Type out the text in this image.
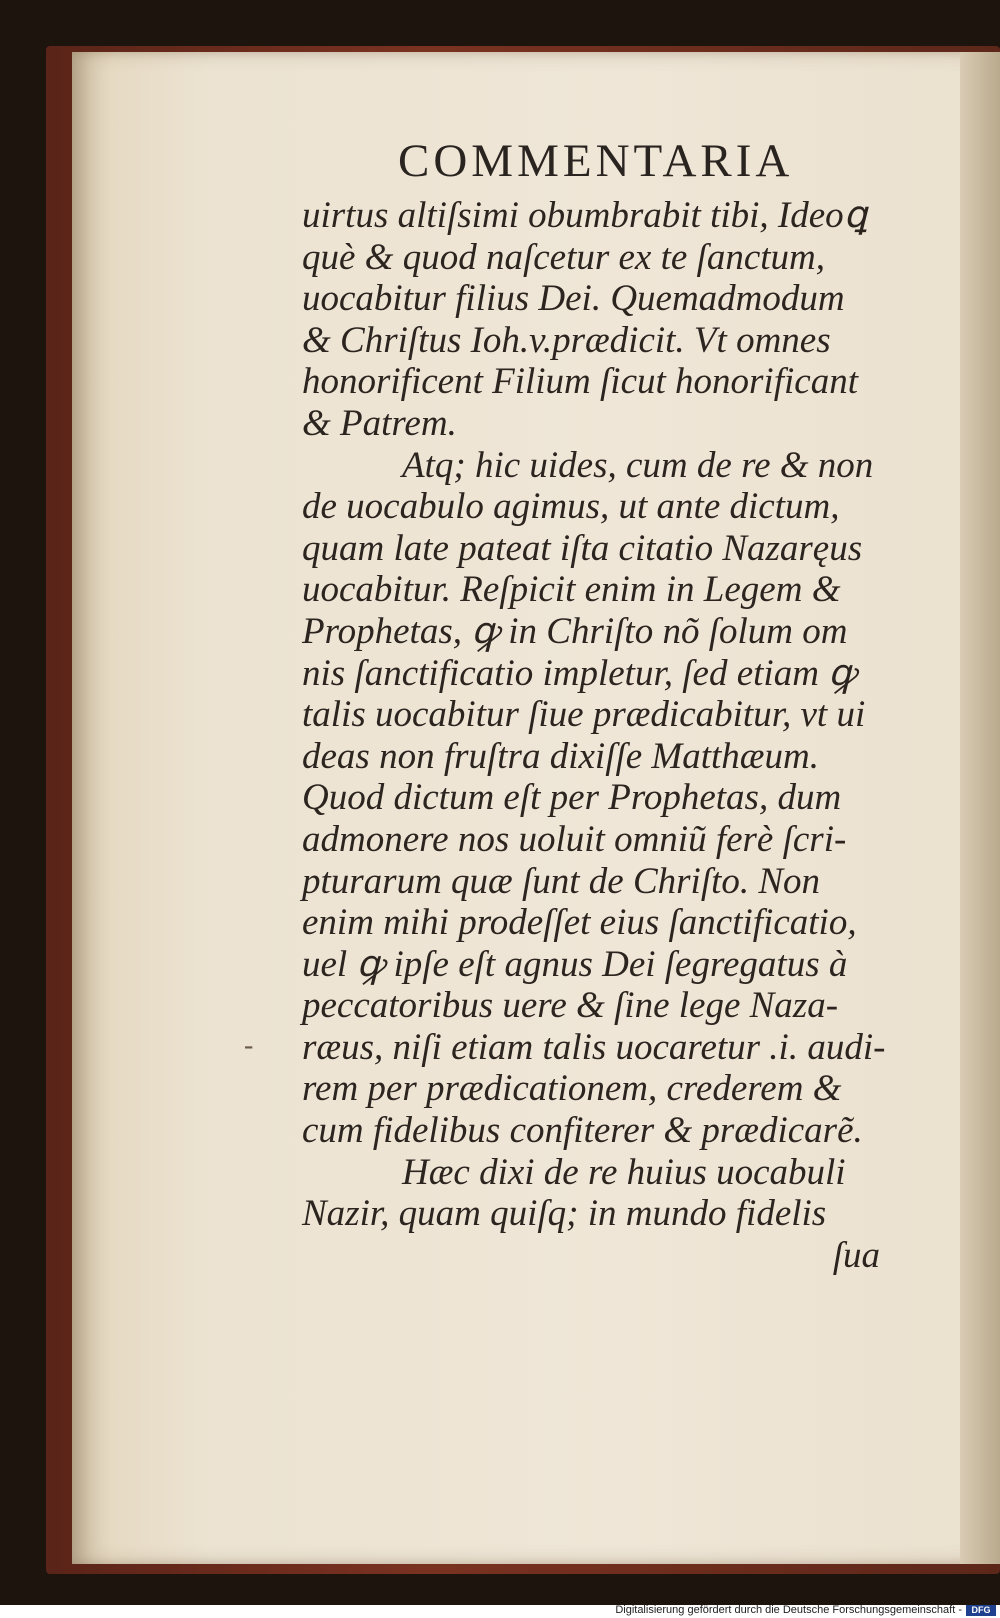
COMMENTARIA
uirtus altiſsimi obumbrabit tibi, Ideoꝗ
què & quod naſcetur ex te ſanctum,
uocabitur filius Dei. Quemadmodum
& Chriſtus Ioh.v.prædicit. Vt omnes
honorificent Filium ſicut honorificant
& Patrem.
Atq; hic uides, cum de re & non
de uocabulo agimus, ut ante dictum,
quam late pateat iſta citatio Nazaręus
uocabitur. Reſpicit enim in Legem &
Prophetas, ꝙ in Chriſto nõ ſolum om
nis ſanctificatio impletur, ſed etiam ꝙ
talis uocabitur ſiue prædicabitur, vt ui
deas non fruſtra dixiſſe Matthæum.
Quod dictum eſt per Prophetas, dum
admonere nos uoluit omniũ ferè ſcri-
pturarum quæ ſunt de Chriſto. Non
enim mihi prodeſſet eius ſanctificatio,
uel ꝙ ipſe eſt agnus Dei ſegregatus à
peccatoribus uere & ſine lege Naza-
ræus, niſi etiam talis uocaretur .i. audi-
rem per prædicationem, crederem &
cum fidelibus confiterer & prædicarẽ.
Hæc dixi de re huius uocabuli
Nazir, quam quiſq; in mundo fidelis
ſua
-
Digitalisierung gefördert durch die Deutsche Forschungsgemeinschaft -	DFG
